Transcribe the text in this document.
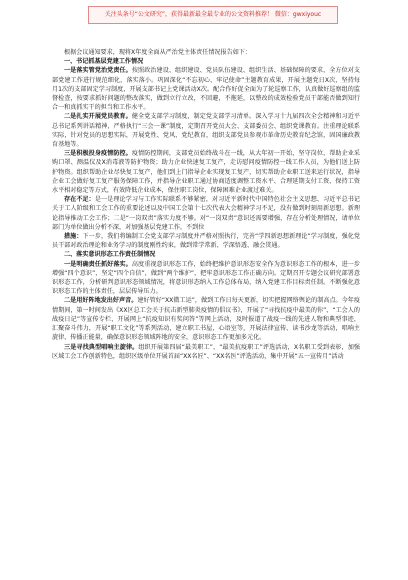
关注头条号“公文研究”，获得最新最全最专业的公文资料推荐！ 微信：gwxiyouc

根据会议通知要求，现将X年度全面从严治党主体责任情况报告如下：

一、书记抓基层党建工作情况

一是落实管党治党责任。按照政治建设、组织建设、党员队伍建设、组织生活、基础保障的要求，全方位对支部党建工作进行规范细化，落实落小。巩固深化“不忘初心、牢记使命”主题教育成果，开展主题党日X次，坚持每月1次的支部固定学习制度，开展支部书记上党课活动X次。配合作好促全面为了轮巡察工作，认真做好巡察组的监督检查，按要求抓好问题的整改落实，做到立行立改，不回避，不拖延，以整改的成效检验党员干部能否做到知行合一和真抓实干的担当和工作水平。

二是扎实开展党员教育。健全党支部学习制度，制定党支部学习清单。深入学习十九届四次全会精神和习近平总书记系列讲话精神，严格执行“三会一课”制度，定期召开党员大会、支部委员会、组织党课教育。注重理论联系实际，针对党员的思想实际，开展党性、党风、党纪教育，组织支部党员参观市革命历史教育纪念馆，固国廉政教育基地等。

三是积极投身疫情防控。疫情防控期间，支部党员始终战斗在一线，从大年初一开始，坚守岗位，帮助企业采购口罩、测温仪及X消毒液等防护物资；助力企业快速复工复产，走访慰问疫情防控一线工作人员，为他们送上防护物资。组织帮助企业尽快复工复产，他们到上门指导企业实现复工复产，切实帮助企业职工送来运行状况，指导企业工会做好复工复产服务保障工作，并指导企业职工通过协商适度调整工资水平、合理延期支付工资、保持工资水平相对稳定等方式，有效降低企业成本，保住职工岗位，保障困难企业渡过难关。

存在不足：是一是理论学习与工作实际联系不够紧密，对习近平新时代中国特色社会主义思想、习近平总书记关于工人阶级和工会工作的重要论述以及中国工会第十七次代表大会精神学习不足，没有做到时刻用新思想。新理论指导推动工会工作；二是“一岗双责”落实力度不够。对“一岗双责”意识还需要增强，存在分析处理情况，请单位部门为单位做出分析不深，对加强基层党建工作，不到位

措施：下一步，我们将编制工会党支部学习制度并严格对照执行，完善“学四新思想新理论”学习制度，强化党员干部对政治理论和业务学习的制度刚性约束，做到常学常新、学深悟透、融会贯通。

二、落实意识形态工作责任制情况

一是明确责任抓好落实。高度重视意识形态工作，始终把维护意识形态安全作为意识形态工作的根本，进一步增强“四个意识”，坚定“四个自信”，做到“两个维护”，把牢意识形态工作正确方向。定期召开专题会议研究部署意识形态工作，分析研判意识形态领域情况，将意识形态纳入工作总体布局，纳入党建工作目标责任制。不断强化意识形态工作的主体责任，层层传导压力。

二是用好阵地发出好声音。建好管好“XX微工运”，做到工作日每天更新，切实把握网络舆论的制高点。今年疫情期间，第一时间发出《XX区总工会关于抗击新型肺炎疫情的倡议书》，开展了“寻找抗疫中最美的你”、“工会人的战疫日记”等宣传专栏，开展网上“抗疫知识有奖问答”等网上活动，及时报道了战疫一线的先进人物和典型事迹，汇聚奋斗伟力，开展“职工文化”等系列活动，建立职工书屋，心语室等，开展法律宣传、读书沙龙等活动，唱响主旋律、传播正能量，确保意识形态领域阵地的安全，意识形态工作更加多元化。

三是寻找典型唱响主旋律。组织开展第四届“最美职工”、“最美抗疫职工”评选活动，X名职工受到表彰，加强区域工会工作创新特色，组织区级单位开展首届“XX名匠”、“XX名医”评选活动，集中开展“五一宣传月”活动
